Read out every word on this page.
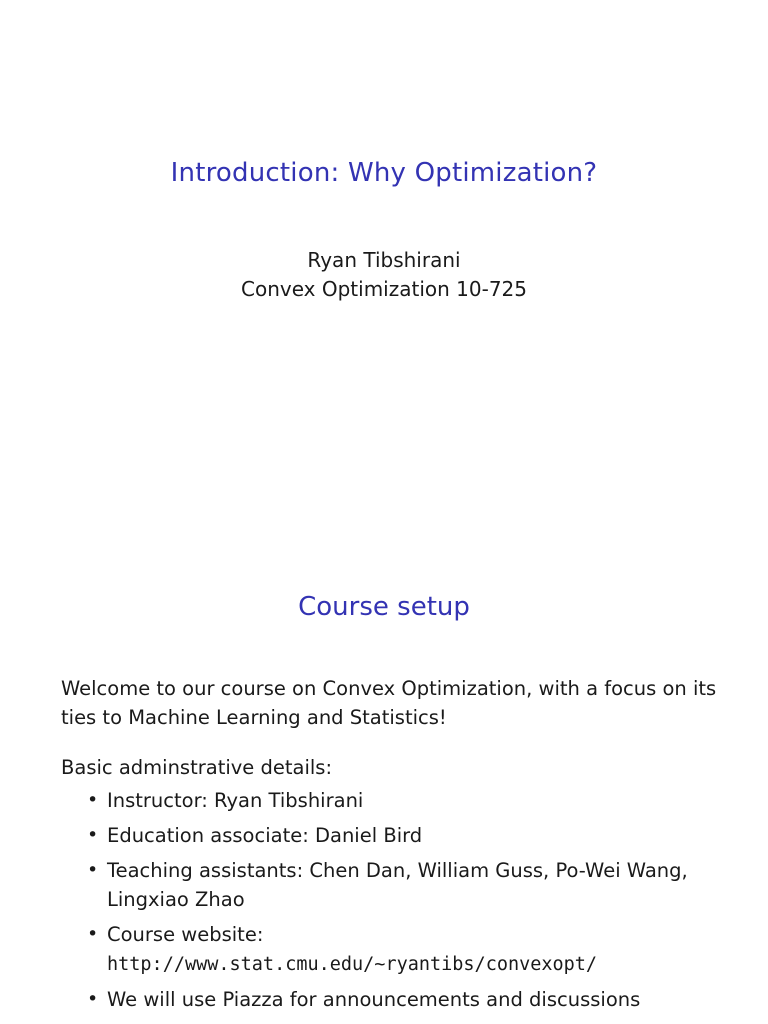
Introduction: Why Optimization?
Ryan Tibshirani
Convex Optimization 10-725
Course setup

Welcome to our course on Convex Optimization, with a focus on its ties to Machine Learning and Statistics!

Basic adminstrative details:

• Instructor: Ryan Tibshirani
• Education associate: Daniel Bird
• Teaching assistants: Chen Dan, William Guss, Po-Wei Wang, Lingxiao Zhao
• Course website:
http://www.stat.cmu.edu/~ryantibs/convexopt/
• We will use Piazza for announcements and discussions
